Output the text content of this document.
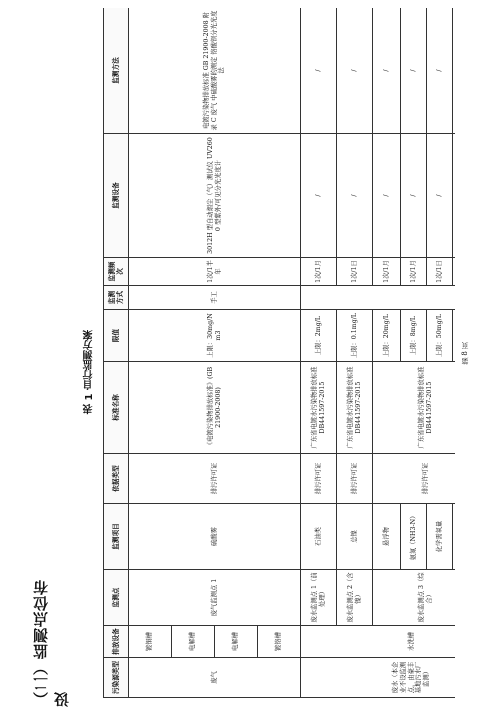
（二）监测点位布设
表 1 自行监测方案	第 8 页
污染源类型	排放设备	监测点	监测项目	依据类型	标准名称	限值	监测方式	监测频次	监测设备	监测方法
废气	镀铜槽	废气监测点 1	硫酸雾	排污许可证	《电镀污染物排放标准》(GB 21900-2008)	上限：30mg/Nm3	手工	1次/1半年	3012H 型自动烟尘（气）测试仪 UV2600 型紫外/可见分光光度计	电镀污染物排放标准 GB 21900-2008 附录 C 废气 中硫酸雾的测定 铬酸钡分光光度法
	电解槽									
	电解槽									
	镀铬槽									
废水（本企业不设监测点，由豪丰基地污水厂监测）	水洗槽	废水监测点 1（前处理）	石油类	排污许可证	广东省电镀水污染物排放标准 DB441597-2015	上限：2mg/L		1次/1月	/	/
		废水监测点 2（含镍）	总镍	排污许可证	广东省电镀水污染物排放标准 DB441597-2015	上限：0.1mg/L		1次/1日	/	/
		废水监测点 3（综合）	悬浮物	排污许可证	广东省电镀水污染物排放标准 DB441597-2015	上限：20mg/L		1次/1月	/	/
			氨氮（NH3-N）			上限：8mg/L		1次/1月	/	/
			化学需氧量			上限：50mg/L		1次/1日	/	/
